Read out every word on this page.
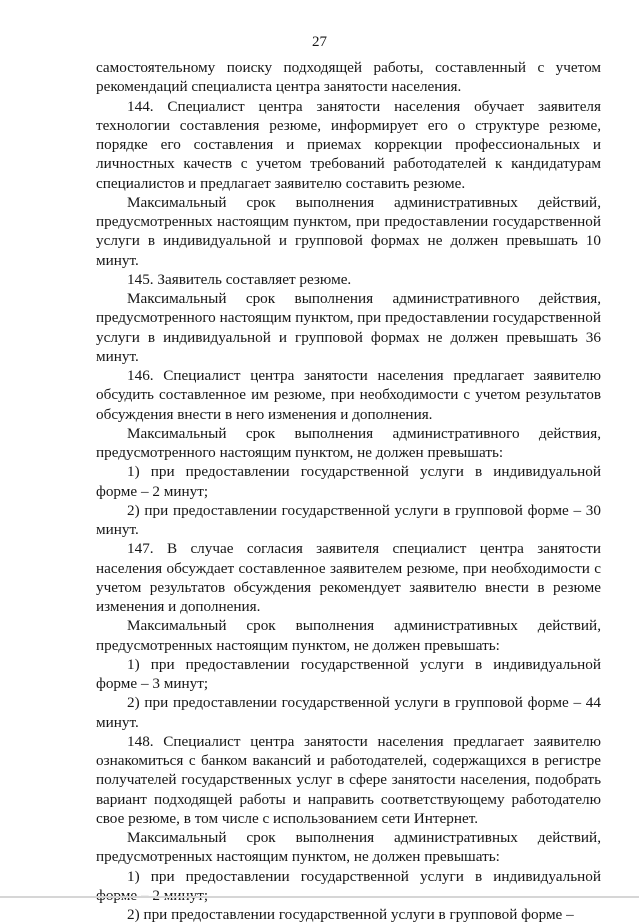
27

самостоятельному поиску подходящей работы, составленный с учетом рекомендаций специалиста центра занятости населения.

144. Специалист центра занятости населения обучает заявителя технологии составления резюме, информирует его о структуре резюме, порядке его составления и приемах коррекции профессиональных и личностных качеств с учетом требований работодателей к кандидатурам специалистов и предлагает заявителю составить резюме.

Максимальный срок выполнения административных действий, предусмотренных настоящим пунктом, при предоставлении государственной услуги в индивидуальной и групповой формах не должен превышать 10 минут.

145. Заявитель составляет резюме.

Максимальный срок выполнения административного действия, предусмотренного настоящим пунктом, при предоставлении государственной услуги в индивидуальной и групповой формах не должен превышать 36 минут.

146. Специалист центра занятости населения предлагает заявителю обсудить составленное им резюме, при необходимости с учетом результатов обсуждения внести в него изменения и дополнения.

Максимальный срок выполнения административного действия, предусмотренного настоящим пунктом, не должен превышать:

1) при предоставлении государственной услуги в индивидуальной форме – 2 минут;

2) при предоставлении государственной услуги в групповой форме – 30 минут.

147. В случае согласия заявителя специалист центра занятости населения обсуждает составленное заявителем резюме, при необходимости с учетом результатов обсуждения рекомендует заявителю внести в резюме изменения и дополнения.

Максимальный срок выполнения административных действий, предусмотренных настоящим пунктом, не должен превышать:

1) при предоставлении государственной услуги в индивидуальной форме – 3 минут;

2) при предоставлении государственной услуги в групповой форме – 44 минут.

148. Специалист центра занятости населения предлагает заявителю ознакомиться с банком вакансий и работодателей, содержащихся в регистре получателей государственных услуг в сфере занятости населения, подобрать вариант подходящей работы и направить соответствующему работодателю свое резюме, в том числе с использованием сети Интернет.

Максимальный срок выполнения административных действий, предусмотренных настоящим пунктом, не должен превышать:

1) при предоставлении государственной услуги в индивидуальной

2) при предоставлении государственной услуги в групповой форме –
